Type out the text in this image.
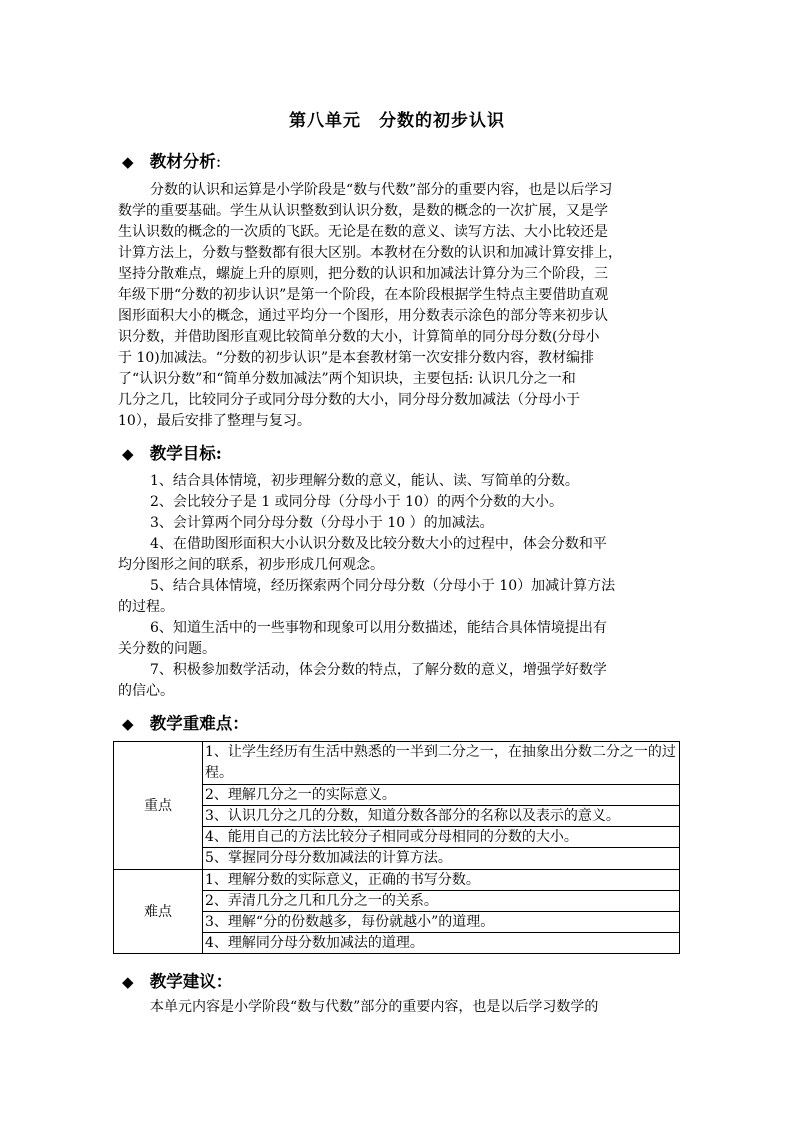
第八单元　分数的初步认识
◆ 教材分析:
分数的认识和运算是小学阶段是“数与代数”部分的重要内容，也是以后学习
数学的重要基础。学生从认识整数到认识分数，是数的概念的一次扩展，又是学
生认识数的概念的一次质的飞跃。无论是在数的意义、读写方法、大小比较还是
计算方法上，分数与整数都有很大区别。本教材在分数的认识和加减计算安排上，
坚持分散难点，螺旋上升的原则，把分数的认识和加减法计算分为三个阶段，三
年级下册“分数的初步认识”是第一个阶段，在本阶段根据学生特点主要借助直观
图形面积大小的概念，通过平均分一个图形，用分数表示涂色的部分等来初步认
识分数，并借助图形直观比较简单分数的大小，计算简单的同分母分数(分母小
于 10)加减法。“分数的初步认识”是本套教材第一次安排分数内容，教材编排
了“认识分数”和“简单分数加减法”两个知识块，主要包括: 认识几分之一和
几分之几，比较同分子或同分母分数的大小，同分母分数加减法（分母小于
10），最后安排了整理与复习。
◆ 教学目标:
1、结合具体情境，初步理解分数的意义，能认、读、写简单的分数。
2、会比较分子是 1 或同分母（分母小于 10）的两个分数的大小。
3、会计算两个同分母分数（分母小于 10 ）的加减法。
4、在借助图形面积大小认识分数及比较分数大小的过程中，体会分数和平
均分图形之间的联系，初步形成几何观念。
5、结合具体情境，经历探索两个同分母分数（分母小于 10）加减计算方法
的过程。
6、知道生活中的一些事物和现象可以用分数描述，能结合具体情境提出有
关分数的问题。
7、积极参加数学活动，体会分数的特点，了解分数的意义，增强学好数学
的信心。
◆ 教学重难点：
重点	1、让学生经历有生活中熟悉的一半到二分之一，在抽象出分数二分之一的过程。
2、理解几分之一的实际意义。
3、认识几分之几的分数，知道分数各部分的名称以及表示的意义。
4、能用自己的方法比较分子相同或分母相同的分数的大小。
5、掌握同分母分数加减法的计算方法。

难点	1、理解分数的实际意义，正确的书写分数。
2、弄清几分之几和几分之一的关系。
3、理解“分的份数越多，每份就越小”的道理。
4、理解同分母分数加减法的道理。
◆ 教学建议：
本单元内容是小学阶段“数与代数”部分的重要内容，也是以后学习数学的
